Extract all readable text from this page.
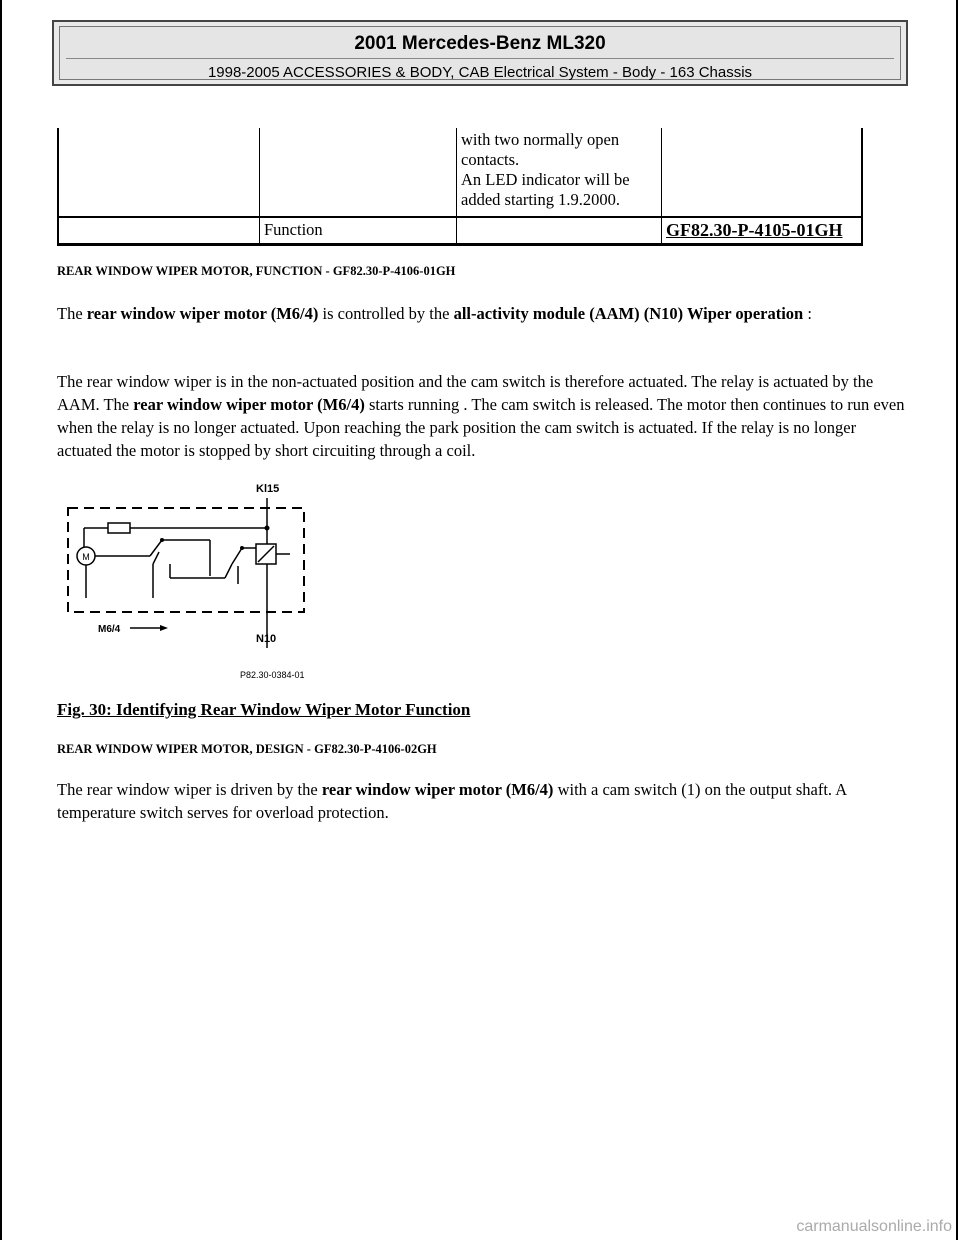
2001 Mercedes-Benz ML320
1998-2005 ACCESSORIES & BODY, CAB Electrical System - Body - 163 Chassis

		with two normally open contacts.
An LED indicator will be added starting 1.9.2000.	

	Function		GF82.30-P-4105-01GH
REAR WINDOW WIPER MOTOR, FUNCTION - GF82.30-P-4106-01GH

The rear window wiper motor (M6/4) is controlled by the all-activity module (AAM) (N10) Wiper operation :

The rear window wiper is in the non-actuated position and the cam switch is therefore actuated. The relay is actuated by the AAM. The rear window wiper motor (M6/4) starts running . The cam switch is released. The motor then continues to run even when the relay is no longer actuated. Upon reaching the park position the cam switch is actuated. If the relay is no longer actuated the motor is stopped by short circuiting through a coil.

M
Kl15
M6/4
N10
P82.30-0384-01
Fig. 30: Identifying Rear Window Wiper Motor Function
REAR WINDOW WIPER MOTOR, DESIGN - GF82.30-P-4106-02GH

The rear window wiper is driven by the rear window wiper motor (M6/4) with a cam switch (1) on the output shaft. A temperature switch serves for overload protection.

carmanualsonline.info
